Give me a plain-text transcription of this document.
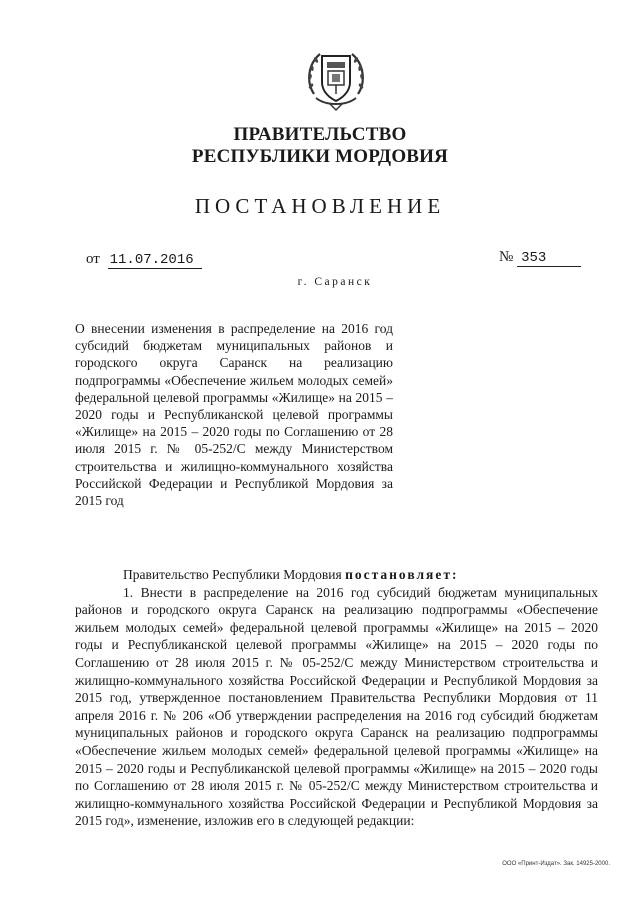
ПРАВИТЕЛЬСТВО
РЕСПУБЛИКИ МОРДОВИЯ
ПОСТАНОВЛЕНИЕ
от 11.07.2016	№ 353
г. Саранск
О внесении изменения в распределение на 2016 год субсидий бюджетам муниципальных районов и городского округа Саранск на реализацию подпрограммы «Обеспечение жильем молодых семей» федеральной целевой программы «Жилище» на 2015 – 2020 годы и Республиканской целевой программы «Жилище» на 2015 – 2020 годы по Соглашению от 28 июля 2015 г. № 05-252/С между Министерством строительства и жилищно-коммунального хозяйства Российской Федерации и Республикой Мордовия за 2015 год

Правительство Республики Мордовия постановляет:

1. Внести в распределение на 2016 год субсидий бюджетам муниципальных районов и городского округа Саранск на реализацию подпрограммы «Обеспечение жильем молодых семей» федеральной целевой программы «Жилище» на 2015 – 2020 годы и Республиканской целевой программы «Жилище» на 2015 – 2020 годы по Соглашению от 28 июля 2015 г. № 05-252/С между Министерством строительства и жилищно-коммунального хозяйства Российской Федерации и Республикой Мордовия за 2015 год, утвержденное постановлением Правительства Республики Мордовия от 11 апреля 2016 г. № 206 «Об утверждении распределения на 2016 год субсидий бюджетам муниципальных районов и городского округа Саранск на реализацию подпрограммы «Обеспечение жильем молодых семей» федеральной целевой программы «Жилище» на 2015 – 2020 годы и Республиканской целевой программы «Жилище» на 2015 – 2020 годы по Соглашению от 28 июля 2015 г. № 05-252/С между Министерством строительства и жилищно-коммунального хозяйства Российской Федерации и Республикой Мордовия за 2015 год», изменение, изложив его в следующей редакции:

ООО «Принт-Издат». Зак. 14925-2000.
